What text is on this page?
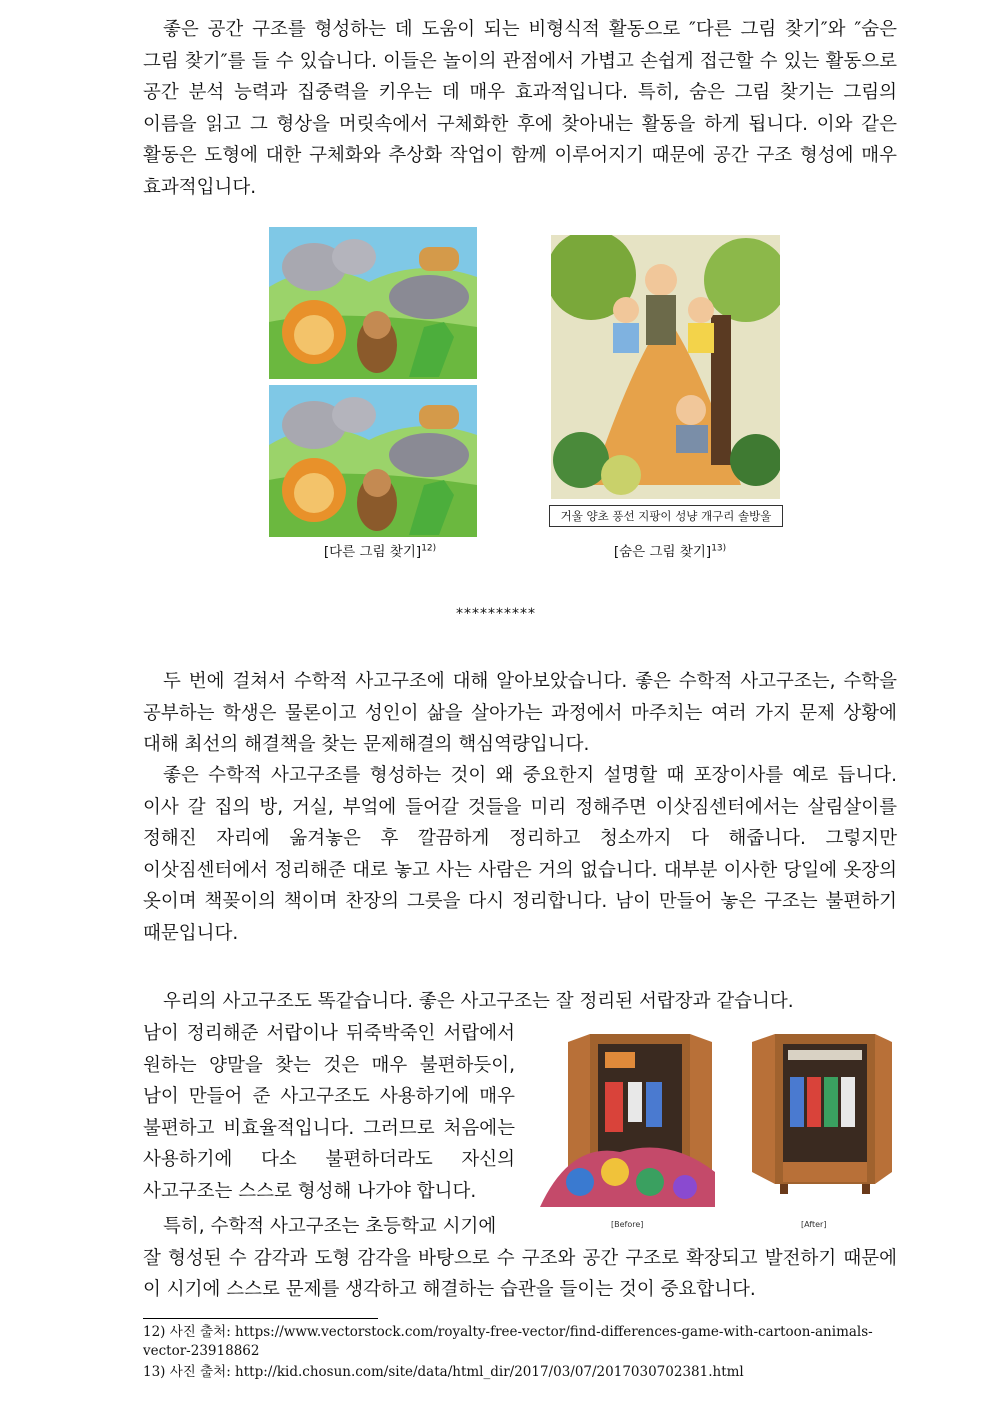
좋은 공간 구조를 형성하는 데 도움이 되는 비형식적 활동으로 ″다른 그림 찾기″와 ″숨은 그림 찾기″를 들 수 있습니다. 이들은 놀이의 관점에서 가볍고 손쉽게 접근할 수 있는 활동으로 공간 분석 능력과 집중력을 키우는 데 매우 효과적입니다. 특히, 숨은 그림 찾기는 그림의 이름을 읽고 그 형상을 머릿속에서 구체화한 후에 찾아내는 활동을 하게 됩니다. 이와 같은 활동은 도형에 대한 구체화와 추상화 작업이 함께 이루어지기 때문에 공간 구조 형성에 매우 효과적입니다.

거울 양초 풍선 지팡이 성냥 개구리 솔방울
[다른 그림 찾기]$^{12)}$	[숨은 그림 찾기]$^{13)}$
**********

두 번에 걸쳐서 수학적 사고구조에 대해 알아보았습니다. 좋은 수학적 사고구조는, 수학을 공부하는 학생은 물론이고 성인이 삶을 살아가는 과정에서 마주치는 여러 가지 문제 상황에 대해 최선의 해결책을 찾는 문제해결의 핵심역량입니다.

좋은 수학적 사고구조를 형성하는 것이 왜 중요한지 설명할 때 포장이사를 예로 듭니다. 이사 갈 집의 방, 거실, 부엌에 들어갈 것들을 미리 정해주면 이삿짐센터에서는 살림살이를 정해진 자리에 옮겨놓은 후 깔끔하게 정리하고 청소까지 다 해줍니다. 그렇지만 이삿짐센터에서 정리해준 대로 놓고 사는 사람은 거의 없습니다. 대부분 이사한 당일에 옷장의 옷이며 책꽂이의 책이며 찬장의 그릇을 다시 정리합니다. 남이 만들어 놓은 구조는 불편하기 때문입니다.

우리의 사고구조도 똑같습니다. 좋은 사고구조는 잘 정리된 서랍장과 같습니다.

남이 정리해준 서랍이나 뒤죽박죽인 서랍에서 원하는 양말을 찾는 것은 매우 불편하듯이, 남이 만들어 준 사고구조도 사용하기에 매우 불편하고 비효율적입니다. 그러므로 처음에는 사용하기에 다소 불편하더라도 자신의 사고구조는 스스로 형성해 나가야 합니다.

[Before]	[After]
특히, 수학적 사고구조는 초등학교 시기에
잘 형성된 수 감각과 도형 감각을 바탕으로 수 구조와 공간 구조로 확장되고 발전하기 때문에 이 시기에 스스로 문제를 생각하고 해결하는 습관을 들이는 것이 중요합니다.
12) 사진 출처: https://www.vectorstock.com/royalty-free-vector/find-differences-game-with-cartoon-animals-vector-23918862
13) 사진 출처: http://kid.chosun.com/site/data/html_dir/2017/03/07/2017030702381.html
